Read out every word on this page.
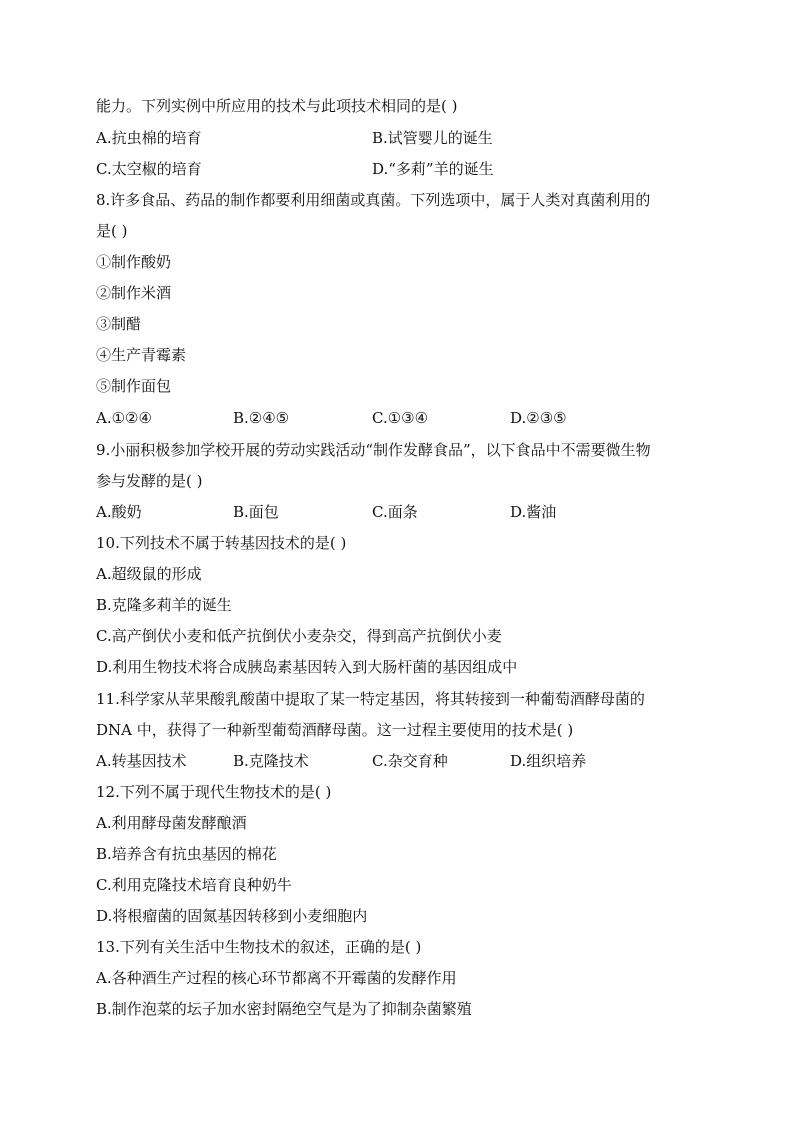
能力。下列实例中所应用的技术与此项技术相同的是( )
A.抗虫棉的培育	B.试管婴儿的诞生
C.太空椒的培育	D.“多莉”羊的诞生
8.许多食品、药品的制作都要利用细菌或真菌。下列选项中，属于人类对真菌利用的
是( )
①制作酸奶
②制作米酒
③制醋
④生产青霉素
⑤制作面包
A.①②④	B.②④⑤	C.①③④	D.②③⑤
9.小丽积极参加学校开展的劳动实践活动“制作发酵食品”，以下食品中不需要微生物
参与发酵的是( )
A.酸奶	B.面包	C.面条	D.酱油
10.下列技术不属于转基因技术的是( )
A.超级鼠的形成
B.克隆多莉羊的诞生
C.高产倒伏小麦和低产抗倒伏小麦杂交，得到高产抗倒伏小麦
D.利用生物技术将合成胰岛素基因转入到大肠杆菌的基因组成中
11.科学家从苹果酸乳酸菌中提取了某一特定基因，将其转接到一种葡萄酒酵母菌的
DNA 中，获得了一种新型葡萄酒酵母菌。这一过程主要使用的技术是( )
A.转基因技术	B.克隆技术	C.杂交育种	D.组织培养
12.下列不属于现代生物技术的是( )
A.利用酵母菌发酵酿酒
B.培养含有抗虫基因的棉花
C.利用克隆技术培育良种奶牛
D.将根瘤菌的固氮基因转移到小麦细胞内
13.下列有关生活中生物技术的叙述，正确的是( )
A.各种酒生产过程的核心环节都离不开霉菌的发酵作用
B.制作泡菜的坛子加水密封隔绝空气是为了抑制杂菌繁殖
